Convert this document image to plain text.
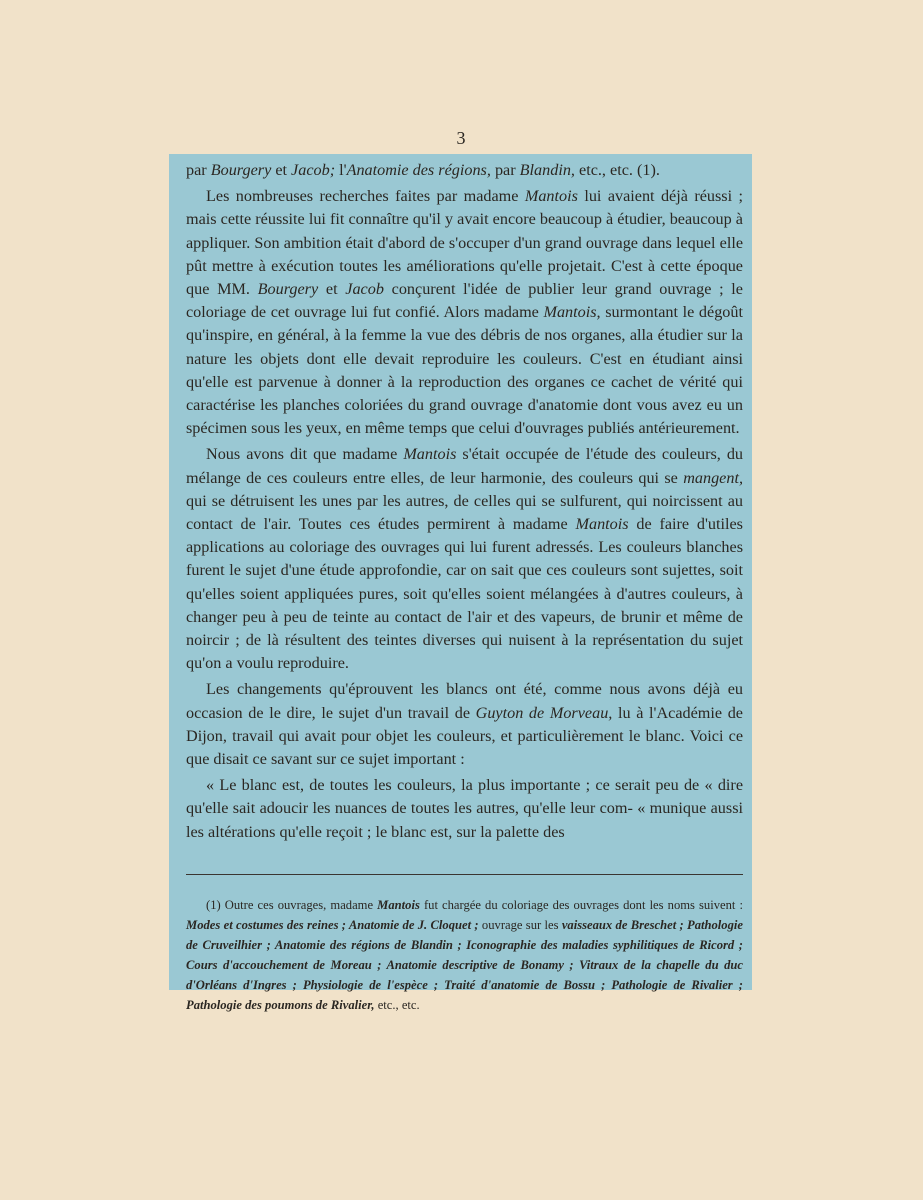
3

par Bourgery et Jacob; l'Anatomie des régions, par Blandin, etc., etc. (1).

Les nombreuses recherches faites par madame Mantois lui avaient déjà réussi ; mais cette réussite lui fit connaître qu'il y avait encore beaucoup à étudier, beaucoup à appliquer. Son ambition était d'abord de s'occuper d'un grand ouvrage dans lequel elle pût mettre à exécution toutes les améliorations qu'elle projetait. C'est à cette époque que MM. Bourgery et Jacob conçurent l'idée de publier leur grand ouvrage ; le coloriage de cet ouvrage lui fut confié. Alors madame Mantois, surmontant le dégoût qu'inspire, en général, à la femme la vue des débris de nos organes, alla étudier sur la nature les objets dont elle devait reproduire les couleurs. C'est en étudiant ainsi qu'elle est parvenue à donner à la reproduction des organes ce cachet de vérité qui caractérise les planches coloriées du grand ouvrage d'anatomie dont vous avez eu un spécimen sous les yeux, en même temps que celui d'ouvrages publiés antérieurement.

Nous avons dit que madame Mantois s'était occupée de l'étude des couleurs, du mélange de ces couleurs entre elles, de leur harmonie, des couleurs qui se mangent, qui se détruisent les unes par les autres, de celles qui se sulfurent, qui noircissent au contact de l'air. Toutes ces études permirent à madame Mantois de faire d'utiles applications au coloriage des ouvrages qui lui furent adressés. Les couleurs blanches furent le sujet d'une étude approfondie, car on sait que ces couleurs sont sujettes, soit qu'elles soient appliquées pures, soit qu'elles soient mélangées à d'autres couleurs, à changer peu à peu de teinte au contact de l'air et des vapeurs, de brunir et même de noircir ; de là résultent des teintes diverses qui nuisent à la représentation du sujet qu'on a voulu reproduire.

Les changements qu'éprouvent les blancs ont été, comme nous avons déjà eu occasion de le dire, le sujet d'un travail de Guyton de Morveau, lu à l'Académie de Dijon, travail qui avait pour objet les couleurs, et particulièrement le blanc. Voici ce que disait ce savant sur ce sujet important :

« Le blanc est, de toutes les couleurs, la plus importante ; ce serait peu de « dire qu'elle sait adoucir les nuances de toutes les autres, qu'elle leur com- « munique aussi les altérations qu'elle reçoit ; le blanc est, sur la palette des

(1) Outre ces ouvrages, madame Mantois fut chargée du coloriage des ouvrages dont les noms suivent : Modes et costumes des reines ; Anatomie de J. Cloquet ; ouvrage sur les vaisseaux de Breschet ; Pathologie de Cruveilhier ; Anatomie des régions de Blandin ; Iconographie des maladies syphilitiques de Ricord ; Cours d'accouchement de Moreau ; Anatomie descriptive de Bonamy ; Vitraux de la chapelle du duc d'Orléans d'Ingres ; Physiologie de l'espèce ; Traité d'anatomie de Bossu ; Pathologie de Rivalier ; Pathologie des poumons de Rivalier, etc., etc.
